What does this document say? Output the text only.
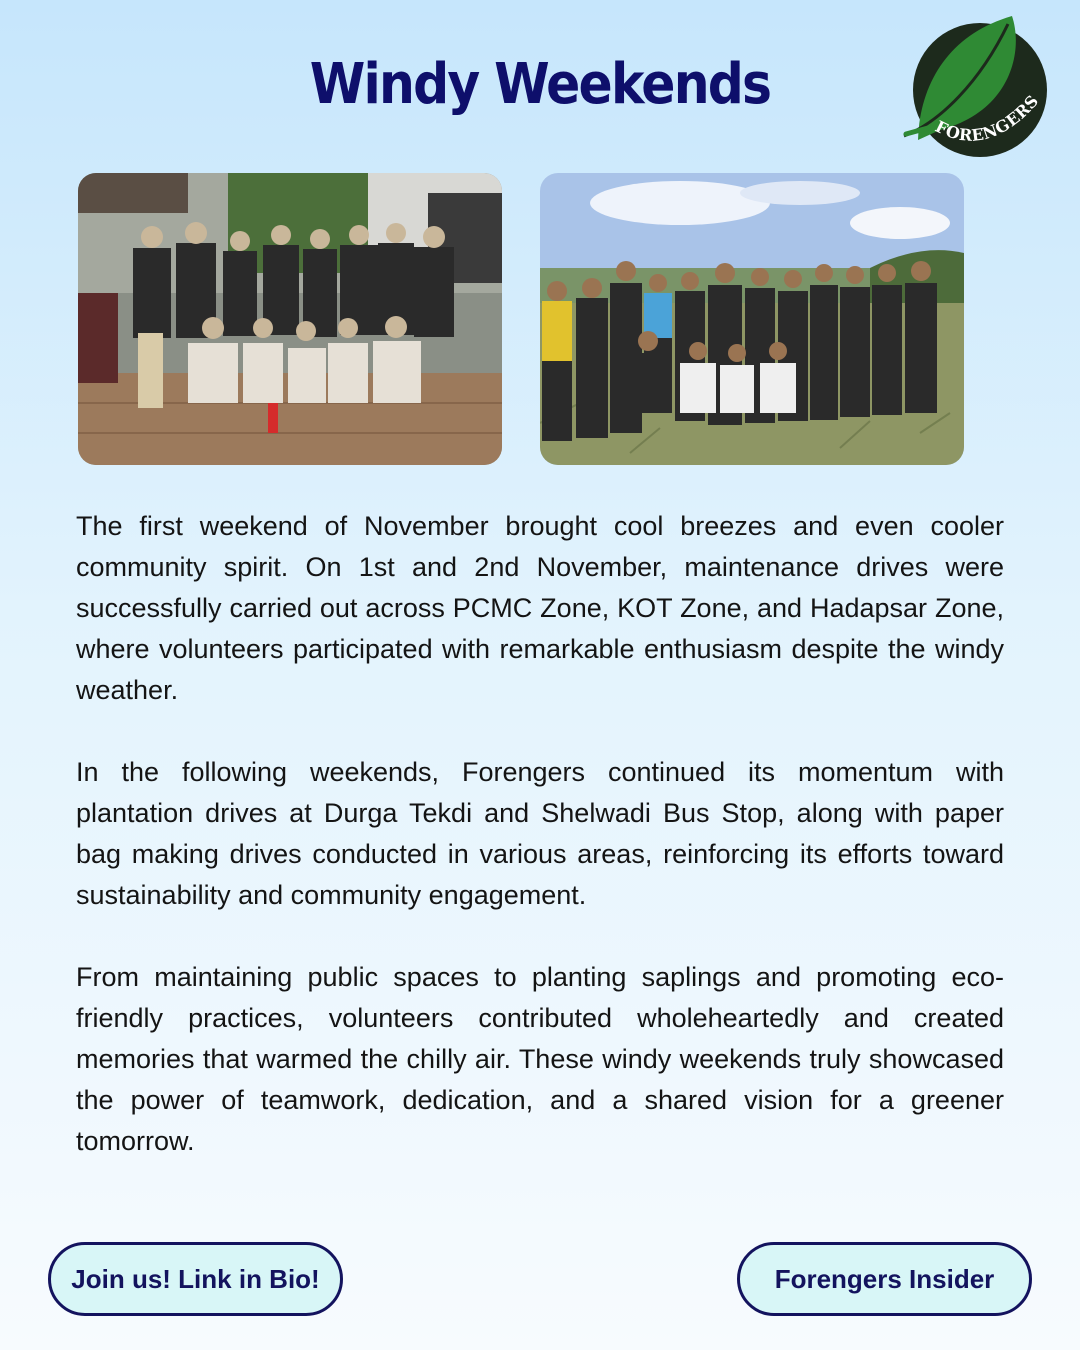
Windy Weekends
FORENGERS

The first weekend of November brought cool breezes and even cooler community spirit. On 1st and 2nd November, maintenance drives were successfully carried out across PCMC Zone, KOT Zone, and Hadapsar Zone, where volunteers participated with remarkable enthusiasm despite the windy weather.

In the following weekends, Forengers continued its momentum with plantation drives at Durga Tekdi and Shelwadi Bus Stop, along with paper bag making drives conducted in various areas, reinforcing its efforts toward sustainability and community engagement.

From maintaining public spaces to planting saplings and promoting eco-friendly practices, volunteers contributed wholeheartedly and created memories that warmed the chilly air. These windy weekends truly showcased the power of teamwork, dedication, and a shared vision for a greener tomorrow.

Join us! Link in Bio!	Forengers Insider
